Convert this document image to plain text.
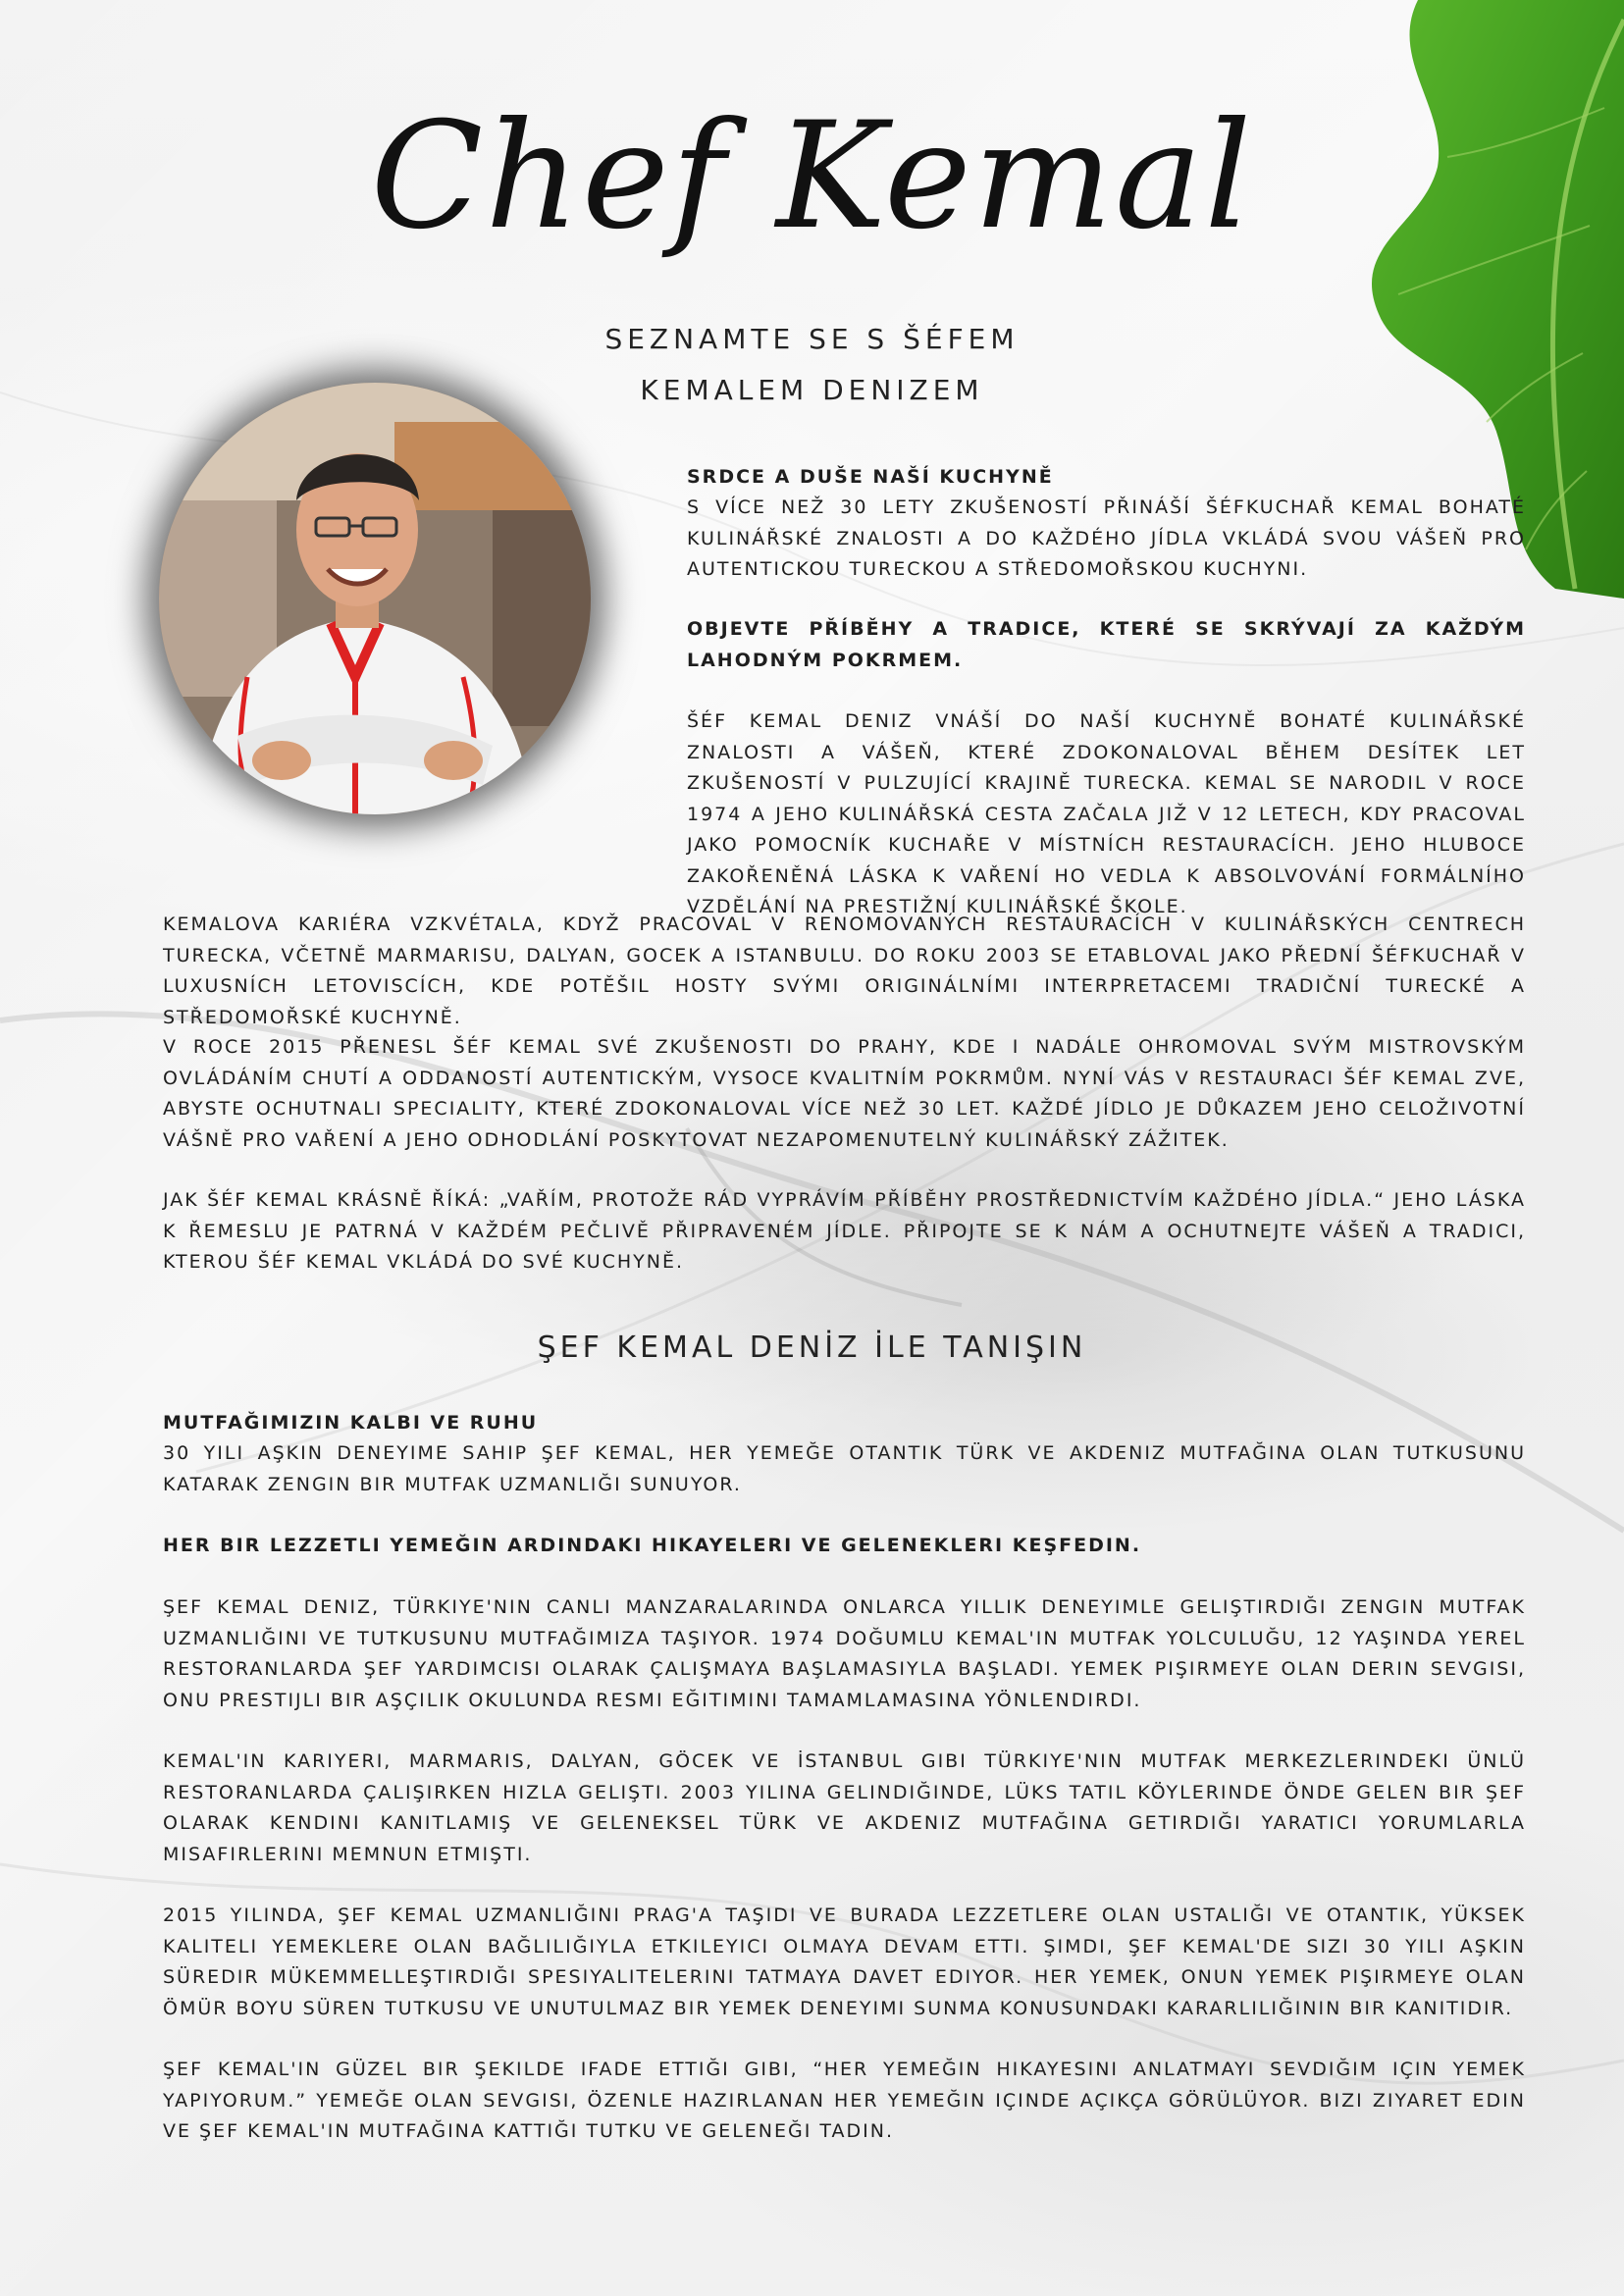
Chef Kemal
SEZNAMTE SE S ŠÉFEM
KEMALEM DENIZEM
SRDCE A DUŠE NAŠÍ KUCHYNĚ
S VÍCE NEŽ 30 LETY ZKUŠENOSTÍ PŘINÁŠÍ ŠÉFKUCHAŘ KEMAL BOHATÉ KULINÁŘSKÉ ZNALOSTI A DO KAŽDÉHO JÍDLA VKLÁDÁ SVOU VÁŠEŇ PRO AUTENTICKOU TURECKOU A STŘEDOMOŘSKOU KUCHYNI.
OBJEVTE PŘÍBĚHY A TRADICE, KTERÉ SE SKRÝVAJÍ ZA KAŽDÝM LAHODNÝM POKRMEM.
ŠÉF KEMAL DENIZ VNÁŠÍ DO NAŠÍ KUCHYNĚ BOHATÉ KULINÁŘSKÉ ZNALOSTI A VÁŠEŇ, KTERÉ ZDOKONALOVAL BĚHEM DESÍTEK LET ZKUŠENOSTÍ V PULZUJÍCÍ KRAJINĚ TURECKA. KEMAL SE NARODIL V ROCE 1974 A JEHO KULINÁŘSKÁ CESTA ZAČALA JIŽ V 12 LETECH, KDY PRACOVAL JAKO POMOCNÍK KUCHAŘE V MÍSTNÍCH RESTAURACÍCH. JEHO HLUBOCE ZAKOŘENĚNÁ LÁSKA K VAŘENÍ HO VEDLA K ABSOLVOVÁNÍ FORMÁLNÍHO VZDĚLÁNÍ NA PRESTIŽNÍ KULINÁŘSKÉ ŠKOLE.
KEMALOVA KARIÉRA VZKVÉTALA, KDYŽ PRACOVAL V RENOMOVANÝCH RESTAURACÍCH V KULINÁŘSKÝCH CENTRECH TURECKA, VČETNĚ MARMARISU, DALYAN, GOCEK A ISTANBULU. DO ROKU 2003 SE ETABLOVAL JAKO PŘEDNÍ ŠÉFKUCHAŘ V LUXUSNÍCH LETOVISCÍCH, KDE POTĚŠIL HOSTY SVÝMI ORIGINÁLNÍMI INTERPRETACEMI TRADIČNÍ TURECKÉ A STŘEDOMOŘSKÉ KUCHYNĚ.
V ROCE 2015 PŘENESL ŠÉF KEMAL SVÉ ZKUŠENOSTI DO PRAHY, KDE I NADÁLE OHROMOVAL SVÝM MISTROVSKÝM OVLÁDÁNÍM CHUTÍ A ODDANOSTÍ AUTENTICKÝM, VYSOCE KVALITNÍM POKRMŮM. NYNÍ VÁS V RESTAURACI ŠÉF KEMAL ZVE, ABYSTE OCHUTNALI SPECIALITY, KTERÉ ZDOKONALOVAL VÍCE NEŽ 30 LET. KAŽDÉ JÍDLO JE DŮKAZEM JEHO CELOŽIVOTNÍ VÁŠNĚ PRO VAŘENÍ A JEHO ODHODLÁNÍ POSKYTOVAT NEZAPOMENUTELNÝ KULINÁŘSKÝ ZÁŽITEK.
JAK ŠÉF KEMAL KRÁSNĚ ŘÍKÁ: „VAŘÍM, PROTOŽE RÁD VYPRÁVÍM PŘÍBĚHY PROSTŘEDNICTVÍM KAŽDÉHO JÍDLA.“ JEHO LÁSKA K ŘEMESLU JE PATRNÁ V KAŽDÉM PEČLIVĚ PŘIPRAVENÉM JÍDLE. PŘIPOJTE SE K NÁM A OCHUTNEJTE VÁŠEŇ A TRADICI, KTEROU ŠÉF KEMAL VKLÁDÁ DO SVÉ KUCHYNĚ.
ŞEF KEMAL DENİZ İLE TANIŞIN
MUTFAĞIMIZIN KALBI VE RUHU
30 YILI AŞKIN DENEYIME SAHIP ŞEF KEMAL, HER YEMEĞE OTANTIK TÜRK VE AKDENIZ MUTFAĞINA OLAN TUTKUSUNU KATARAK ZENGIN BIR MUTFAK UZMANLIĞI SUNUYOR.
HER BIR LEZZETLI YEMEĞIN ARDINDAKI HIKAYELERI VE GELENEKLERI KEŞFEDIN.
ŞEF KEMAL DENIZ, TÜRKIYE'NIN CANLI MANZARALARINDA ONLARCA YILLIK DENEYIMLE GELIŞTIRDIĞI ZENGIN MUTFAK UZMANLIĞINI VE TUTKUSUNU MUTFAĞIMIZA TAŞIYOR. 1974 DOĞUMLU KEMAL'IN MUTFAK YOLCULUĞU, 12 YAŞINDA YEREL RESTORANLARDA ŞEF YARDIMCISI OLARAK ÇALIŞMAYA BAŞLAMASIYLA BAŞLADI. YEMEK PIŞIRMEYE OLAN DERIN SEVGISI, ONU PRESTIJLI BIR AŞÇILIK OKULUNDA RESMI EĞITIMINI TAMAMLAMASINA YÖNLENDIRDI.
KEMAL'IN KARIYERI, MARMARIS, DALYAN, GÖCEK VE İSTANBUL GIBI TÜRKIYE'NIN MUTFAK MERKEZLERINDEKI ÜNLÜ RESTORANLARDA ÇALIŞIRKEN HIZLA GELIŞTI. 2003 YILINA GELINDIĞINDE, LÜKS TATIL KÖYLERINDE ÖNDE GELEN BIR ŞEF OLARAK KENDINI KANITLAMIŞ VE GELENEKSEL TÜRK VE AKDENIZ MUTFAĞINA GETIRDIĞI YARATICI YORUMLARLA MISAFIRLERINI MEMNUN ETMIŞTI.
2015 YILINDA, ŞEF KEMAL UZMANLIĞINI PRAG'A TAŞIDI VE BURADA LEZZETLERE OLAN USTALIĞI VE OTANTIK, YÜKSEK KALITELI YEMEKLERE OLAN BAĞLILIĞIYLA ETKILEYICI OLMAYA DEVAM ETTI. ŞIMDI, ŞEF KEMAL'DE SIZI 30 YILI AŞKIN SÜREDIR MÜKEMMELLEŞTIRDIĞI SPESIYALITELERINI TATMAYA DAVET EDIYOR. HER YEMEK, ONUN YEMEK PIŞIRMEYE OLAN ÖMÜR BOYU SÜREN TUTKUSU VE UNUTULMAZ BIR YEMEK DENEYIMI SUNMA KONUSUNDAKI KARARLILIĞININ BIR KANITIDIR.
ŞEF KEMAL'IN GÜZEL BIR ŞEKILDE IFADE ETTIĞI GIBI, “HER YEMEĞIN HIKAYESINI ANLATMAYI SEVDIĞIM IÇIN YEMEK YAPIYORUM.” YEMEĞE OLAN SEVGISI, ÖZENLE HAZIRLANAN HER YEMEĞIN IÇINDE AÇIKÇA GÖRÜLÜYOR. BIZI ZIYARET EDIN VE ŞEF KEMAL'IN MUTFAĞINA KATTIĞI TUTKU VE GELENEĞI TADIN.
